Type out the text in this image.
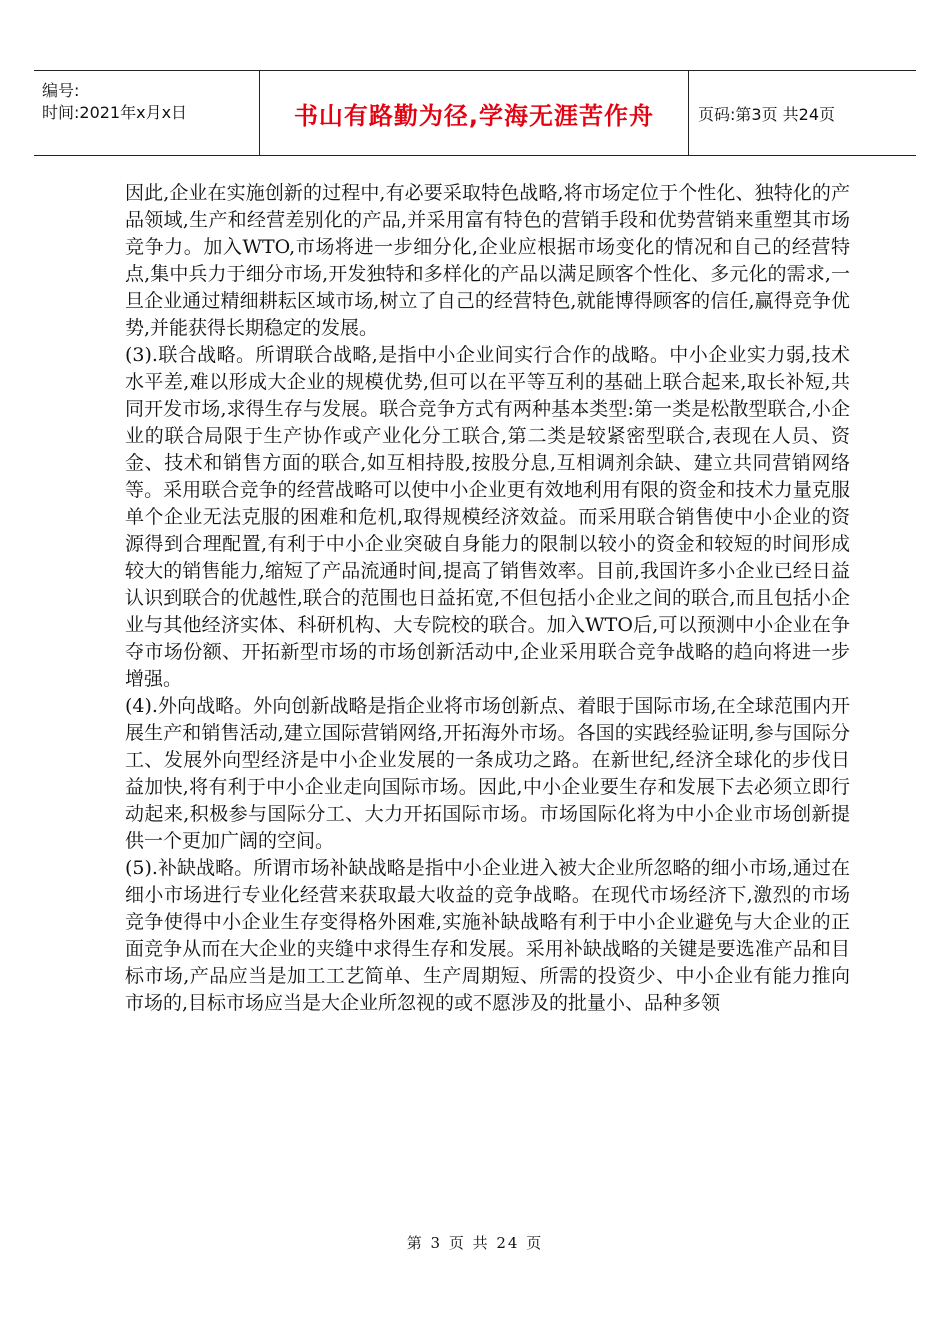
编号:
时间:2021年x月x日	书山有路勤为径,学海无涯苦作舟	页码:第3页 共24页

因此,企业在实施创新的过程中,有必要采取特色战略,将市场定位于个性化、独特化的产品领域,生产和经营差别化的产品,并采用富有特色的营销手段和优势营销来重塑其市场竞争力。加入WTO,市场将进一步细分化,企业应根据市场变化的情况和自己的经营特点,集中兵力于细分市场,开发独特和多样化的产品以满足顾客个性化、多元化的需求,一旦企业通过精细耕耘区域市场,树立了自己的经营特色,就能博得顾客的信任,赢得竞争优势,并能获得长期稳定的发展。

(3).联合战略。所谓联合战略,是指中小企业间实行合作的战略。中小企业实力弱,技术水平差,难以形成大企业的规模优势,但可以在平等互利的基础上联合起来,取长补短,共同开发市场,求得生存与发展。联合竞争方式有两种基本类型:第一类是松散型联合,小企业的联合局限于生产协作或产业化分工联合,第二类是较紧密型联合,表现在人员、资金、技术和销售方面的联合,如互相持股,按股分息,互相调剂余缺、建立共同营销网络等。采用联合竞争的经营战略可以使中小企业更有效地利用有限的资金和技术力量克服单个企业无法克服的困难和危机,取得规模经济效益。而采用联合销售使中小企业的资源得到合理配置,有利于中小企业突破自身能力的限制以较小的资金和较短的时间形成较大的销售能力,缩短了产品流通时间,提高了销售效率。目前,我国许多小企业已经日益认识到联合的优越性,联合的范围也日益拓宽,不但包括小企业之间的联合,而且包括小企业与其他经济实体、科研机构、大专院校的联合。加入WTO后,可以预测中小企业在争夺市场份额、开拓新型市场的市场创新活动中,企业采用联合竞争战略的趋向将进一步增强。

(4).外向战略。外向创新战略是指企业将市场创新点、着眼于国际市场,在全球范围内开展生产和销售活动,建立国际营销网络,开拓海外市场。各国的实践经验证明,参与国际分工、发展外向型经济是中小企业发展的一条成功之路。在新世纪,经济全球化的步伐日益加快,将有利于中小企业走向国际市场。因此,中小企业要生存和发展下去必须立即行动起来,积极参与国际分工、大力开拓国际市场。市场国际化将为中小企业市场创新提供一个更加广阔的空间。

(5).补缺战略。所谓市场补缺战略是指中小企业进入被大企业所忽略的细小市场,通过在细小市场进行专业化经营来获取最大收益的竞争战略。在现代市场经济下,激烈的市场竞争使得中小企业生存变得格外困难,实施补缺战略有利于中小企业避免与大企业的正面竞争从而在大企业的夹缝中求得生存和发展。采用补缺战略的关键是要选准产品和目标市场,产品应当是加工工艺简单、生产周期短、所需的投资少、中小企业有能力推向市场的,目标市场应当是大企业所忽视的或不愿涉及的批量小、品种多领

第 3 页 共 24 页
